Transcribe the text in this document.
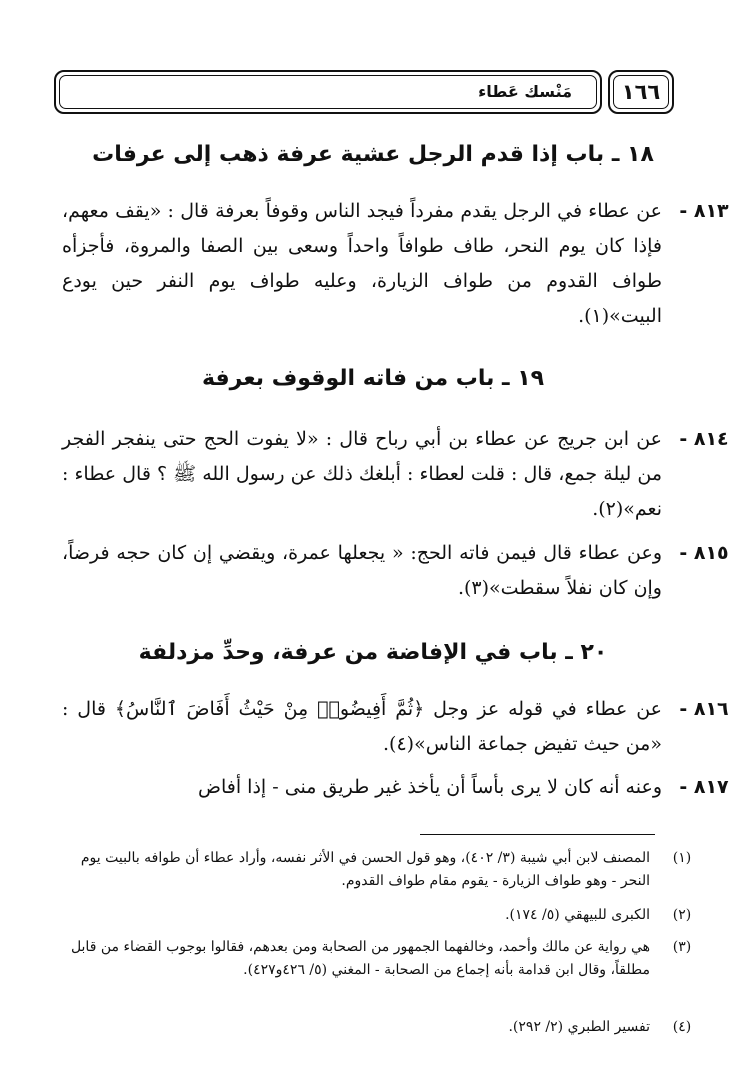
١٦٦
مَنْسك عَطاء
١٨ ـ باب إذا قدم الرجل عشية عرفة ذهب إلى عرفات
٨١٣ -
عن عطاء في الرجل يقدم مفرداً فيجد الناس وقوفاً بعرفة قال : «يقف معهم، فإذا كان يوم النحر، طاف طوافاً واحداً وسعى بين الصفا والمروة، فأجزأه طواف القدوم من طواف الزيارة، وعليه طواف يوم النفر حين يودع البيت»(١).
١٩ ـ باب من فاته الوقوف بعرفة
٨١٤ -
عن ابن جريج عن عطاء بن أبي رباح قال : «لا يفوت الحج حتى ينفجر الفجر من ليلة جمع، قال : قلت لعطاء : أبلغك ذلك عن رسول الله ﷺ ؟ قال عطاء : نعم»(٢).
٨١٥ -
وعن عطاء قال فيمن فاته الحج: « يجعلها عمرة، ويقضي إن كان حجه فرضاً، وإن كان نفلاً سقطت»(٣).
٢٠ ـ باب في الإفاضة من عرفة، وحدِّ مزدلفة
٨١٦ -
عن عطاء في قوله عز وجل ﴿ثُمَّ أَفِيضُوا۟ مِنْ حَيْثُ أَفَاضَ ٱلنَّاسُ﴾ قال : «من حيث تفيض جماعة الناس»(٤).
٨١٧ -
وعنه أنه كان لا يرى بأساً أن يأخذ غير طريق منى - إذا أفاض
(١)
المصنف لابن أبي شيبة (٣/ ٤٠٢)، وهو قول الحسن في الأثر نفسه، وأراد عطاء أن طوافه بالبيت يوم النحر - وهو طواف الزيارة - يقوم مقام طواف القدوم.
(٢)
الكبرى للبيهقي (٥/ ١٧٤).
(٣)
هي رواية عن مالك وأحمد، وخالفهما الجمهور من الصحابة ومن بعدهم، فقالوا بوجوب القضاء من قابل مطلقاً، وقال ابن قدامة بأنه إجماع من الصحابة - المغني (٥/ ٤٢٦و٤٢٧).
(٤)
تفسير الطبري (٢/ ٢٩٢).
